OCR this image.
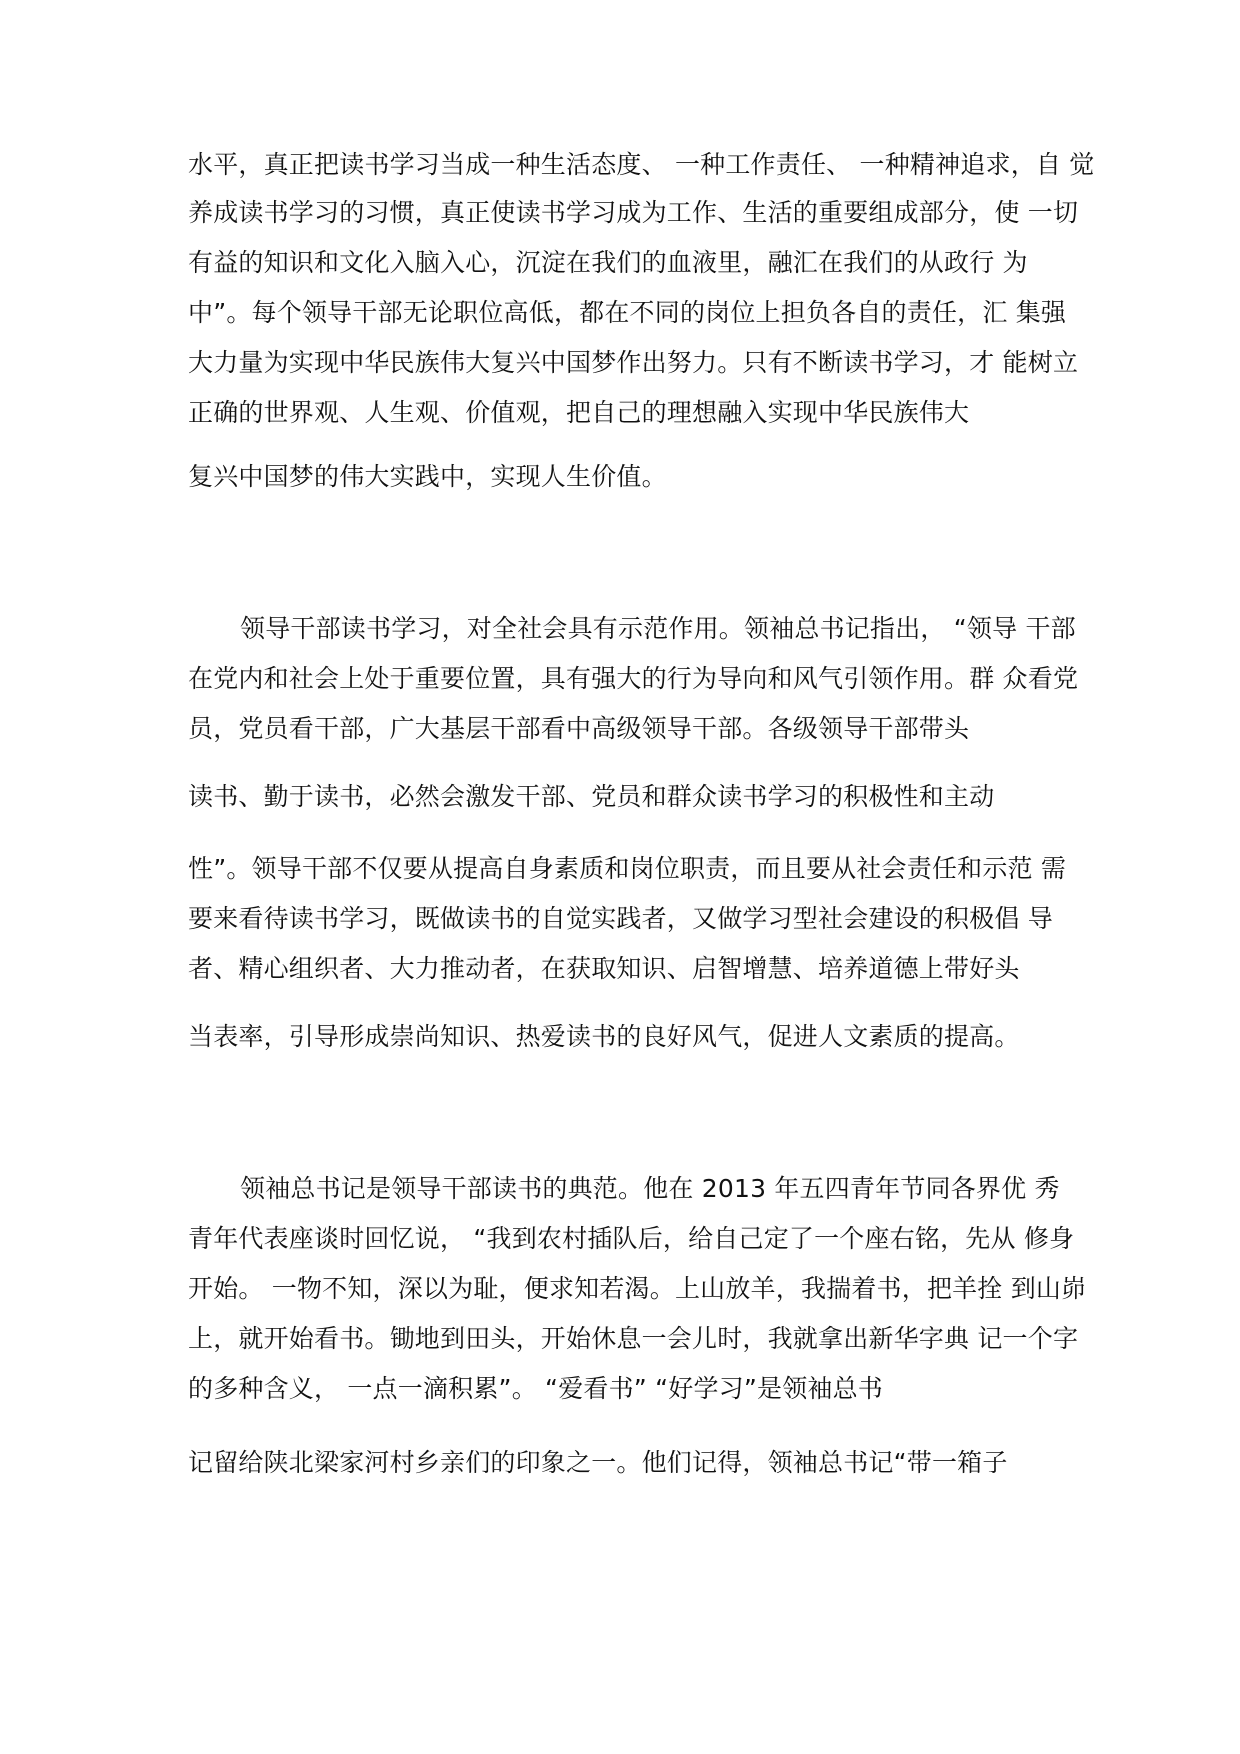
水平，真正把读书学习当成一种生活态度、 一种工作责任、 一种精神追求，自 觉
养成读书学习的习惯，真正使读书学习成为工作、生活的重要组成部分，使 一切
有益的知识和文化入脑入心，沉淀在我们的血液里，融汇在我们的从政行 为
中”。每个领导干部无论职位高低，都在不同的岗位上担负各自的责任，汇 集强
大力量为实现中华民族伟大复兴中国梦作出努力。只有不断读书学习，才 能树立
正确的世界观、人生观、价值观，把自己的理想融入实现中华民族伟大
复兴中国梦的伟大实践中，实现人生价值。
领导干部读书学习，对全社会具有示范作用。领袖总书记指出， “领导 干部
在党内和社会上处于重要位置，具有强大的行为导向和风气引领作用。群 众看党
员，党员看干部，广大基层干部看中高级领导干部。各级领导干部带头
读书、勤于读书，必然会激发干部、党员和群众读书学习的积极性和主动
性”。领导干部不仅要从提高自身素质和岗位职责，而且要从社会责任和示范 需
要来看待读书学习，既做读书的自觉实践者，又做学习型社会建设的积极倡 导
者、精心组织者、大力推动者，在获取知识、启智增慧、培养道德上带好头
当表率，引导形成崇尚知识、热爱读书的良好风气，促进人文素质的提高。
领袖总书记是领导干部读书的典范。他在 2013 年五四青年节同各界优 秀
青年代表座谈时回忆说， “我到农村插队后，给自己定了一个座右铭，先从 修身
开始。 一物不知，深以为耻，便求知若渴。上山放羊，我揣着书，把羊拴 到山峁
上，就开始看书。锄地到田头，开始休息一会儿时，我就拿出新华字典 记一个字
的多种含义， 一点一滴积累”。 “爱看书” “好学习”是领袖总书
记留给陕北梁家河村乡亲们的印象之一。他们记得，领袖总书记“带一箱子
